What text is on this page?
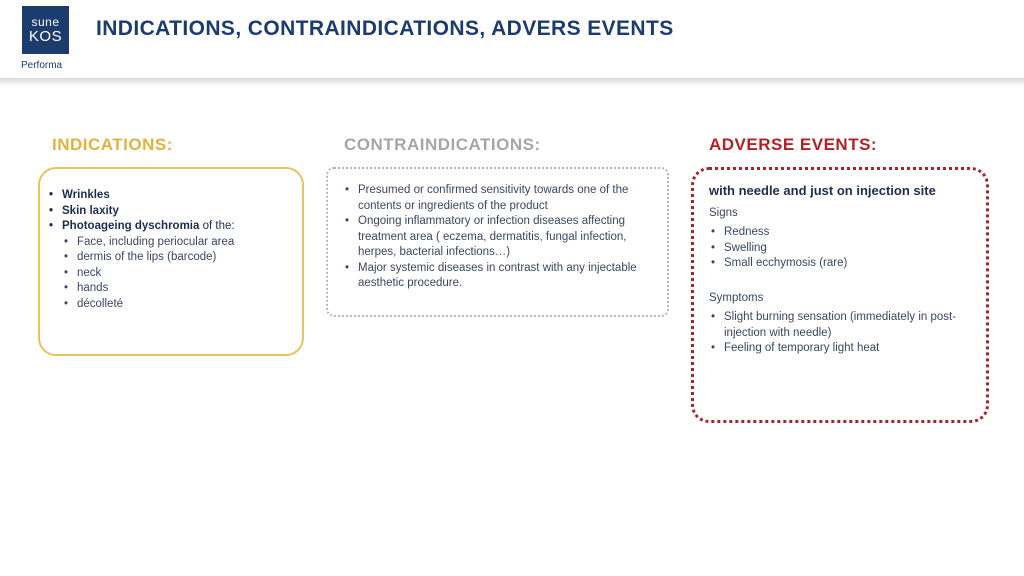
sune
KOS
Performa
INDICATIONS, CONTRAINDICATIONS, ADVERS EVENTS
INDICATIONS:
• Wrinkles
• Skin laxity
• Photoageing dyschromia of the:
• Face, including periocular area
• dermis of the lips (barcode)
• neck
• hands
• décolleté
CONTRAINDICATIONS:
• Presumed or confirmed sensitivity towards one of the contents or ingredients of the product
• Ongoing inflammatory or infection diseases affecting treatment area ( eczema, dermatitis, fungal infection, herpes, bacterial infections…)
• Major systemic diseases in contrast with any injectable aesthetic procedure.
ADVERSE EVENTS:
with needle and just on injection site
Signs
• Redness
• Swelling
• Small ecchymosis (rare)
Symptoms
• Slight burning sensation (immediately in post-injection with needle)
• Feeling of temporary light heat
